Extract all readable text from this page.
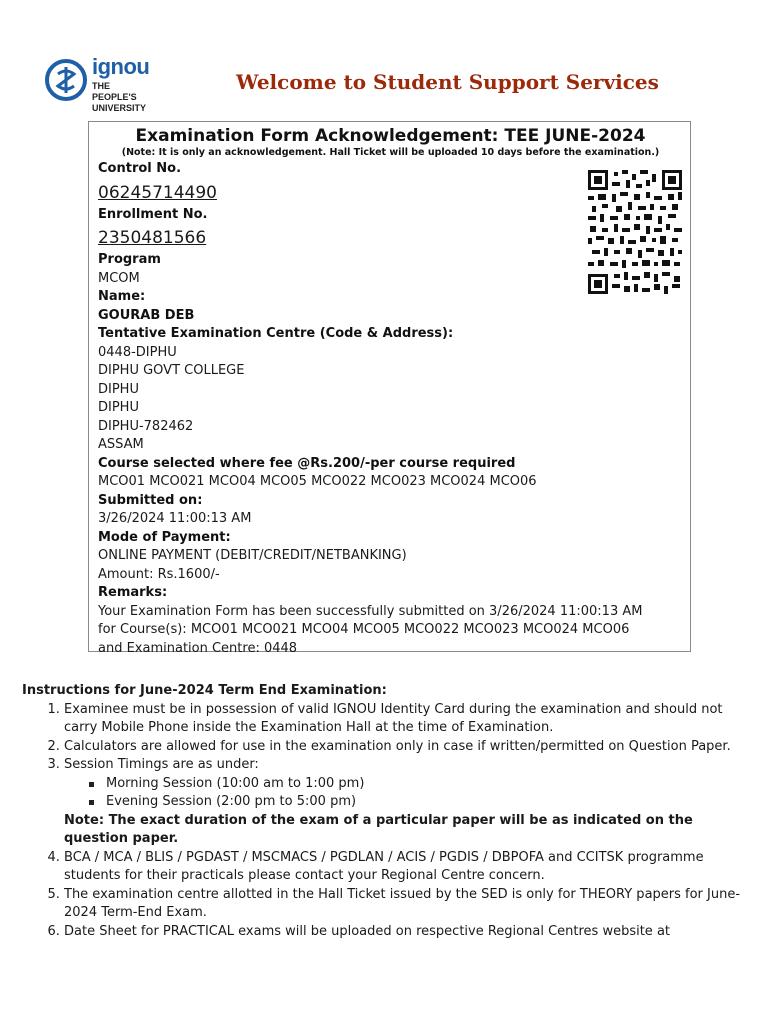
ignou
THE PEOPLE'S
UNIVERSITY
Welcome to Student Support Services
Examination Form Acknowledgement: TEE JUNE-2024
(Note: It is only an acknowledgement. Hall Ticket will be uploaded 10 days before the examination.)
Control No.
06245714490
Enrollment No.
2350481566
Program
MCOM
Name:
GOURAB DEB
Tentative Examination Centre (Code & Address):
0448-DIPHU
DIPHU GOVT COLLEGE
DIPHU
DIPHU
DIPHU-782462
ASSAM
Course selected where fee @Rs.200/-per course required
MCO01 MCO021 MCO04 MCO05 MCO022 MCO023 MCO024 MCO06
Submitted on:
3/26/2024 11:00:13 AM
Mode of Payment:
ONLINE PAYMENT (DEBIT/CREDIT/NETBANKING)
Amount: Rs.1600/-
Remarks:
Your Examination Form has been successfully submitted on 3/26/2024 11:00:13 AM
for Course(s): MCO01 MCO021 MCO04 MCO05 MCO022 MCO023 MCO024 MCO06
and Examination Centre: 0448
Instructions for June-2024 Term End Examination:
1. Examinee must be in possession of valid IGNOU Identity Card during the examination and should not carry Mobile Phone inside the Examination Hall at the time of Examination.
2. Calculators are allowed for use in the examination only in case if written/permitted on Question Paper.
3. Session Timings are as under:
Morning Session (10:00 am to 1:00 pm)
Evening Session (2:00 pm to 5:00 pm)
Note: The exact duration of the exam of a particular paper will be as indicated on the question paper.
4. BCA / MCA / BLIS / PGDAST / MSCMACS / PGDLAN / ACIS / PGDIS / DBPOFA and CCITSK programme students for their practicals please contact your Regional Centre concern.
5. The examination centre allotted in the Hall Ticket issued by the SED is only for THEORY papers for June-2024 Term-End Exam.
6. Date Sheet for PRACTICAL exams will be uploaded on respective Regional Centres website at
